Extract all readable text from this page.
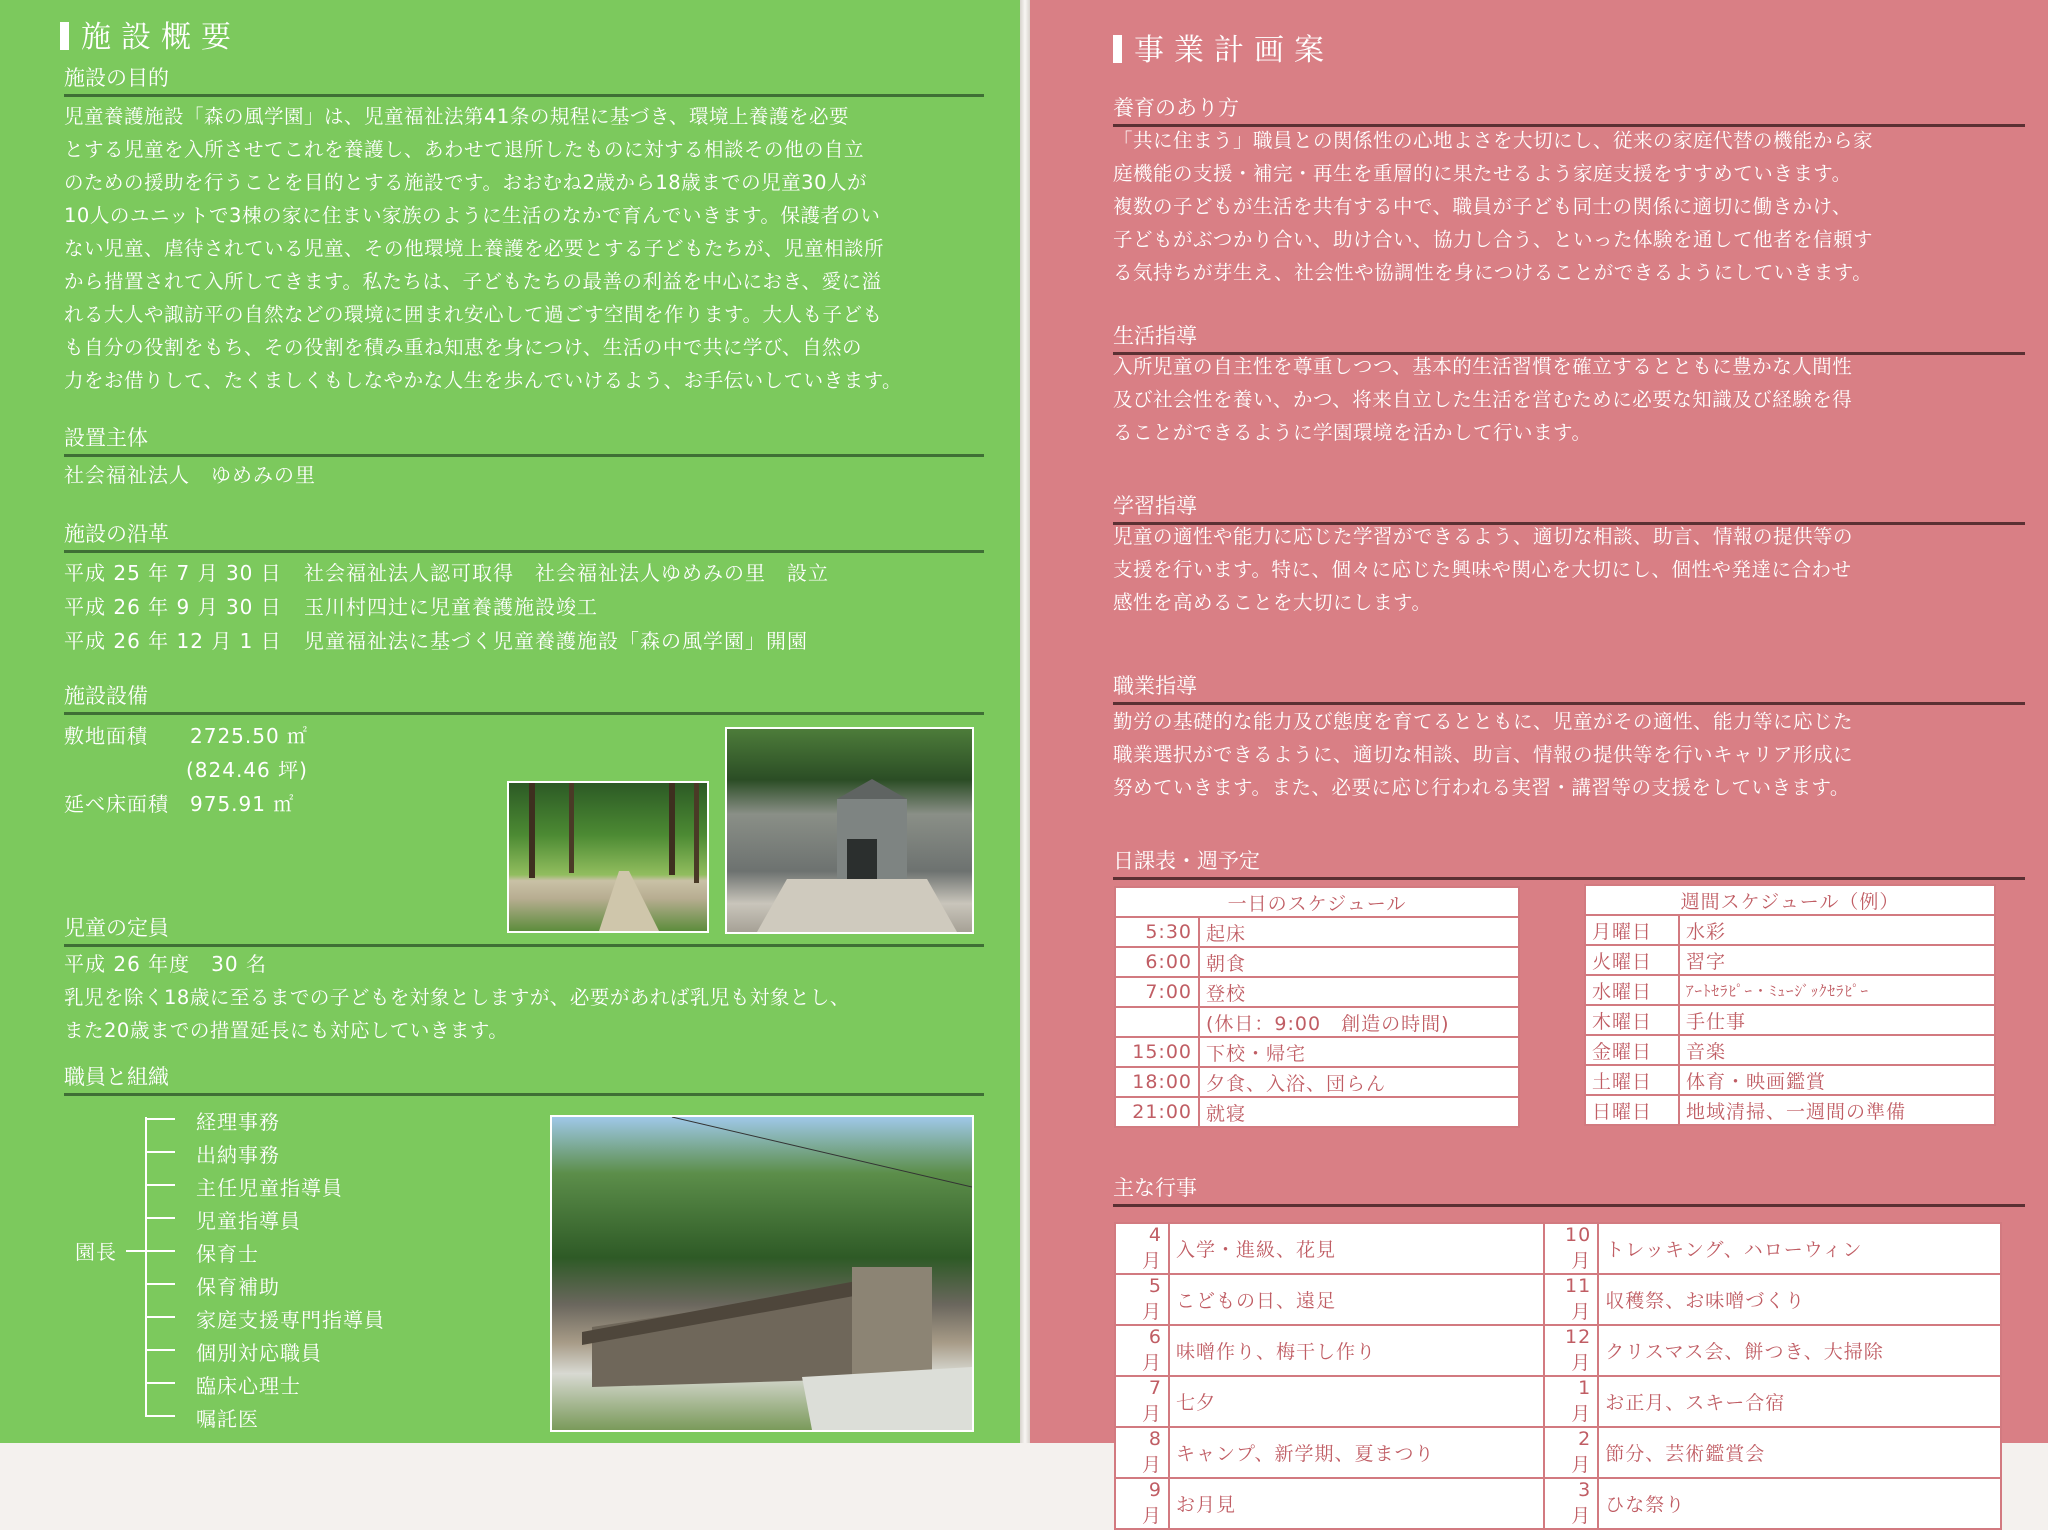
施設概要
施設の目的
児童養護施設「森の風学園」は、児童福祉法第41条の規程に基づき、環境上養護を必要
とする児童を入所させてこれを養護し、あわせて退所したものに対する相談その他の自立
のための援助を行うことを目的とする施設です。おおむね2歳から18歳までの児童30人が
10人のユニットで3棟の家に住まい家族のように生活のなかで育んでいきます。保護者のい
ない児童、虐待されている児童、その他環境上養護を必要とする子どもたちが、児童相談所
から措置されて入所してきます。私たちは、子どもたちの最善の利益を中心におき、愛に溢
れる大人や諏訪平の自然などの環境に囲まれ安心して過ごす空間を作ります。大人も子ども
も自分の役割をもち、その役割を積み重ね知恵を身につけ、生活の中で共に学び、自然の
力をお借りして、たくましくもしなやかな人生を歩んでいけるよう、お手伝いしていきます。
設置主体
社会福祉法人　ゆめみの里
施設の沿革
平成 25 年 7 月 30 日	社会福祉法人認可取得　社会福祉法人ゆめみの里　設立
平成 26 年 9 月 30 日	玉川村四辻に児童養護施設竣工
平成 26 年 12 月 1 日	児童福祉法に基づく児童養護施設「森の風学園」開園
施設設備
敷地面積　　2725.50 ㎡
(824.46 坪)
延べ床面積　975.91 ㎡
児童の定員
平成 26 年度　30 名
乳児を除く18歳に至るまでの子どもを対象としますが、必要があれば乳児も対象とし、
また20歳までの措置延長にも対応していきます。
職員と組織
園長
経理事務
出納事務
主任児童指導員
児童指導員
保育士
保育補助
家庭支援専門指導員
個別対応職員
臨床心理士
嘱託医
事業計画案
養育のあり方
「共に住まう」職員との関係性の心地よさを大切にし、従来の家庭代替の機能から家
庭機能の支援・補完・再生を重層的に果たせるよう家庭支援をすすめていきます。
複数の子どもが生活を共有する中で、職員が子ども同士の関係に適切に働きかけ、
子どもがぶつかり合い、助け合い、協力し合う、といった体験を通して他者を信頼す
る気持ちが芽生え、社会性や協調性を身につけることができるようにしていきます。
生活指導
入所児童の自主性を尊重しつつ、基本的生活習慣を確立するとともに豊かな人間性
及び社会性を養い、かつ、将来自立した生活を営むために必要な知識及び経験を得
ることができるように学園環境を活かして行います。
学習指導
児童の適性や能力に応じた学習ができるよう、適切な相談、助言、情報の提供等の
支援を行います。特に、個々に応じた興味や関心を大切にし、個性や発達に合わせ
感性を高めることを大切にします。
職業指導
勤労の基礎的な能力及び態度を育てるとともに、児童がその適性、能力等に応じた
職業選択ができるように、適切な相談、助言、情報の提供等を行いキャリア形成に
努めていきます。また、必要に応じ行われる実習・講習等の支援をしていきます。
日課表・週予定
一日のスケジュール	
5:30	起床
6:00	朝食
7:00	登校
	(休日：9:00　創造の時間)
15:00	下校・帰宅
18:00	夕食、入浴、団らん
21:00	就寝
週間スケジュール（例）	
月曜日	水彩
火曜日	習字
水曜日	ｱｰﾄｾﾗﾋﾟｰ・ﾐｭｰｼﾞｯｸｾﾗﾋﾟｰ
木曜日	手仕事
金曜日	音楽
土曜日	体育・映画鑑賞
日曜日	地域清掃、一週間の準備
主な行事
4 月	入学・進級、花見	10 月	トレッキング、ハローウィン
5 月	こどもの日、遠足	11 月	収穫祭、お味噌づくり
6 月	味噌作り、梅干し作り	12 月	クリスマス会、餅つき、大掃除
7 月	七夕	1 月	お正月、スキー合宿
8 月	キャンプ、新学期、夏まつり	2 月	節分、芸術鑑賞会
9 月	お月見	3 月	ひな祭り
